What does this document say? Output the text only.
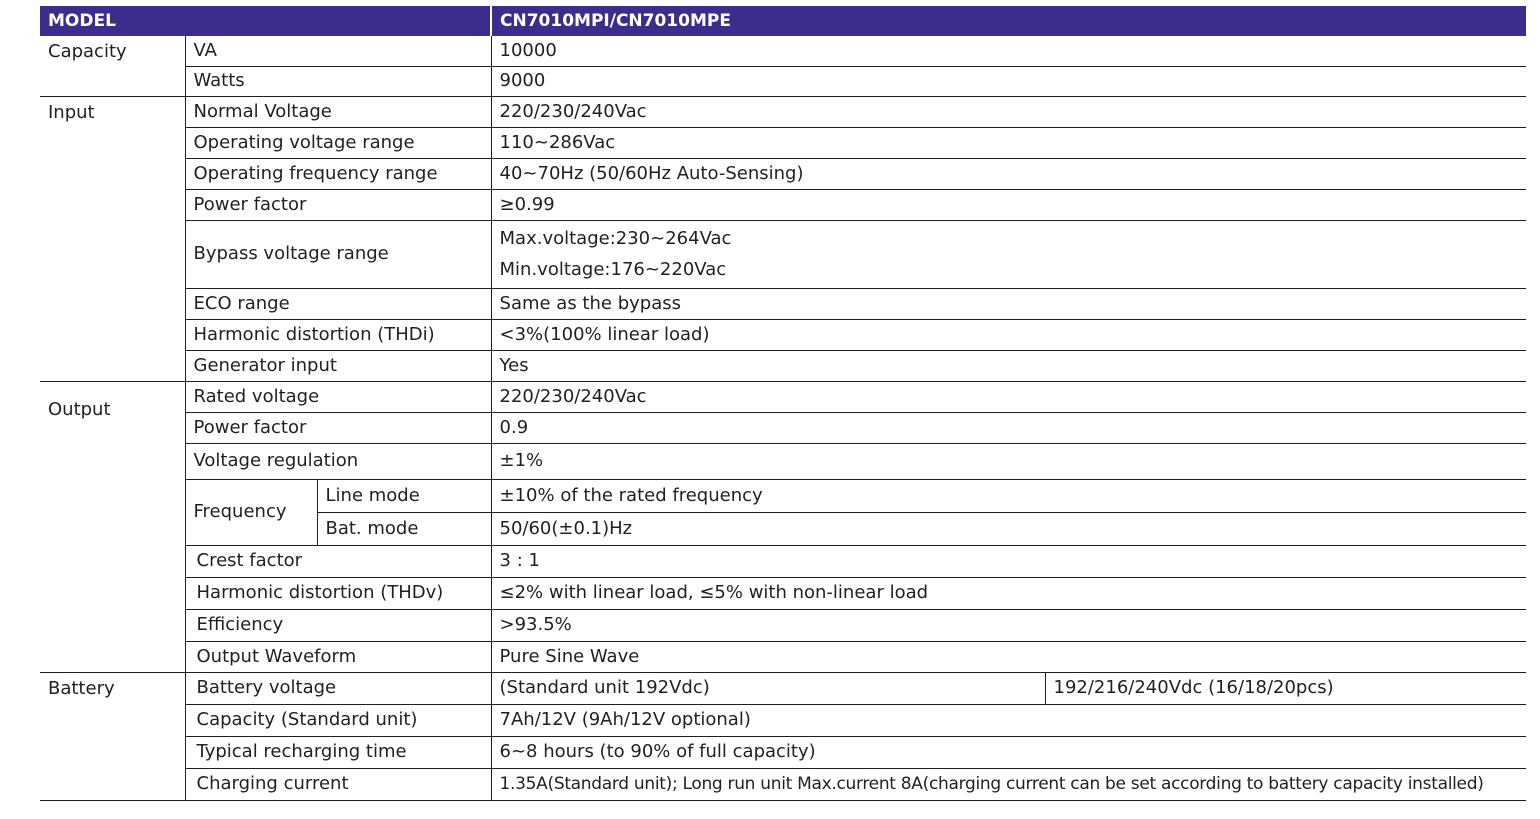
MODEL			CN7010MPI/CN7010MPE	
Capacity	VA		10000	
	Watts		9000	
Input	Normal Voltage		220/230/240Vac	
	Operating voltage range		110~286Vac	
	Operating frequency range		40~70Hz (50/60Hz Auto-Sensing)	
	Power factor		≥0.99	
	Bypass voltage range		Max.voltage:230~264Vac
Min.voltage:176~220Vac	

	ECO range		Same as the bypass	
	Harmonic distortion (THDi)		<3%(100% linear load)	
	Generator input		Yes	
Output	Rated voltage		220/230/240Vac	
	Power factor		0.9	
	Voltage regulation		±1%	
	Frequency	Line mode	±10% of the rated frequency	
		Bat. mode	50/60(±0.1)Hz	
	Crest factor		3 : 1	
	Harmonic distortion (THDv)		≤2% with linear load, ≤5% with non-linear load	
	Efficiency		>93.5%	
	Output Waveform		Pure Sine Wave	
Battery	Battery voltage		(Standard unit 192Vdc)	192/216/240Vdc (16/18/20pcs)
	Capacity (Standard unit)		7Ah/12V (9Ah/12V optional)	
	Typical recharging time		6~8 hours (to 90% of full capacity)	
	Charging current		1.35A(Standard unit); Long run unit Max.current 8A(charging current can be set according to battery capacity installed)	
